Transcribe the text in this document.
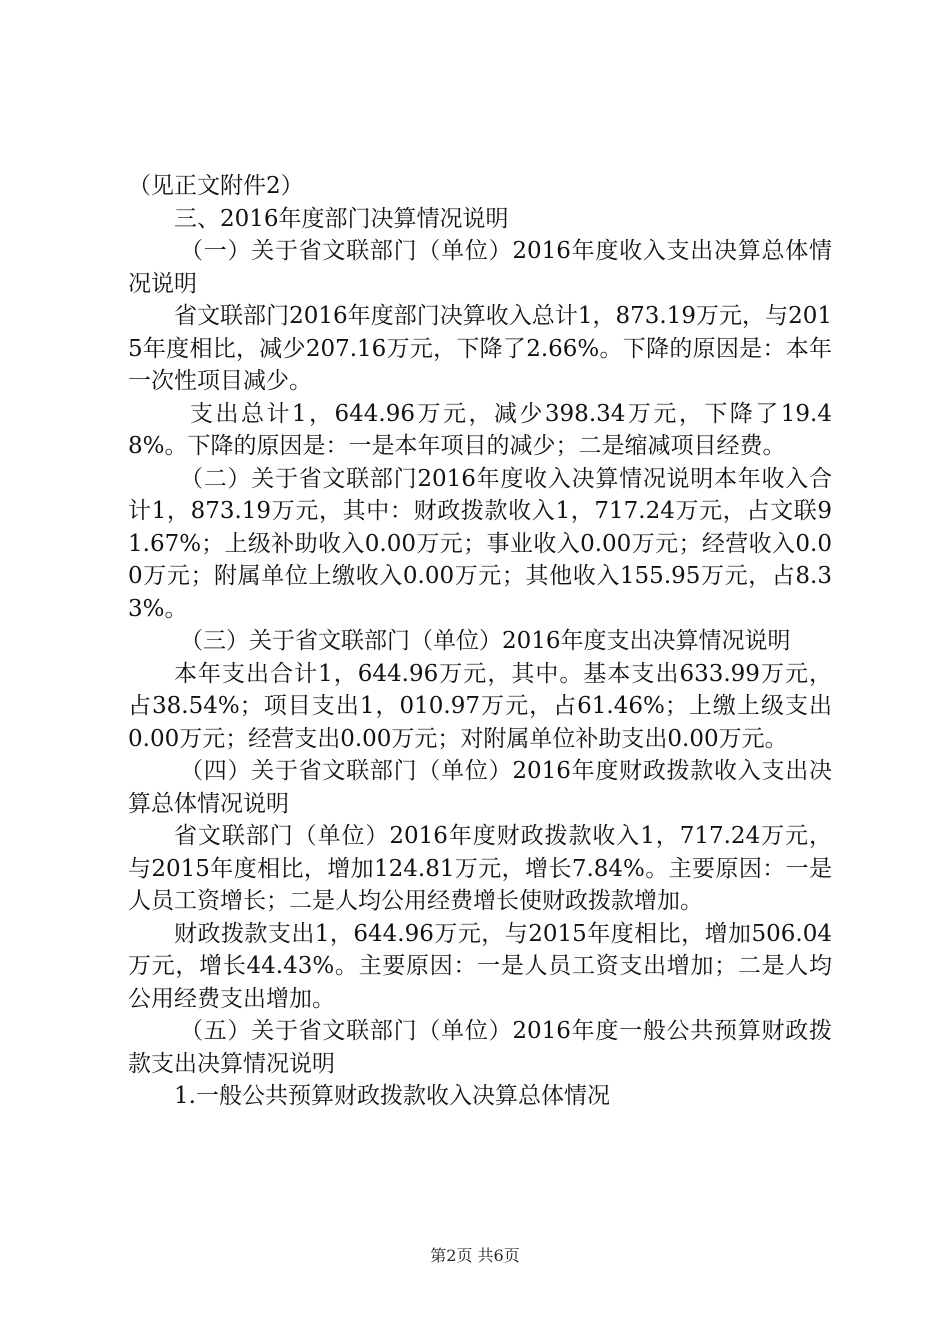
（见正文附件2）

三、2016年度部门决算情况说明

（一）关于省文联部门（单位）2016年度收入支出决算总体情况说明

省文联部门2016年度部门决算收入总计1，873.19万元，与2015年度相比，减少207.16万元，下降了2.66%。下降的原因是：本年一次性项目减少。

支出总计1，644.96万元，减少398.34万元，下降了19.48%。下降的原因是：一是本年项目的减少；二是缩减项目经费。

（二）关于省文联部门2016年度收入决算情况说明本年收入合计1，873.19万元，其中：财政拨款收入1，717.24万元，占文联91.67%；上级补助收入0.00万元；事业收入0.00万元；经营收入0.00万元；附属单位上缴收入0.00万元；其他收入155.95万元，占8.33%。

（三）关于省文联部门（单位）2016年度支出决算情况说明

本年支出合计1，644.96万元，其中。基本支出633.99万元，占38.54%；项目支出1，010.97万元，占61.46%；上缴上级支出0.00万元；经营支出0.00万元；对附属单位补助支出0.00万元。

（四）关于省文联部门（单位）2016年度财政拨款收入支出决算总体情况说明

省文联部门（单位）2016年度财政拨款收入1，717.24万元，与2015年度相比，增加124.81万元，增长7.84%。主要原因：一是人员工资增长；二是人均公用经费增长使财政拨款增加。

财政拨款支出1，644.96万元，与2015年度相比，增加506.04万元，增长44.43%。主要原因：一是人员工资支出增加；二是人均公用经费支出增加。

（五）关于省文联部门（单位）2016年度一般公共预算财政拨款支出决算情况说明

1.一般公共预算财政拨款收入决算总体情况

第2页 共6页
